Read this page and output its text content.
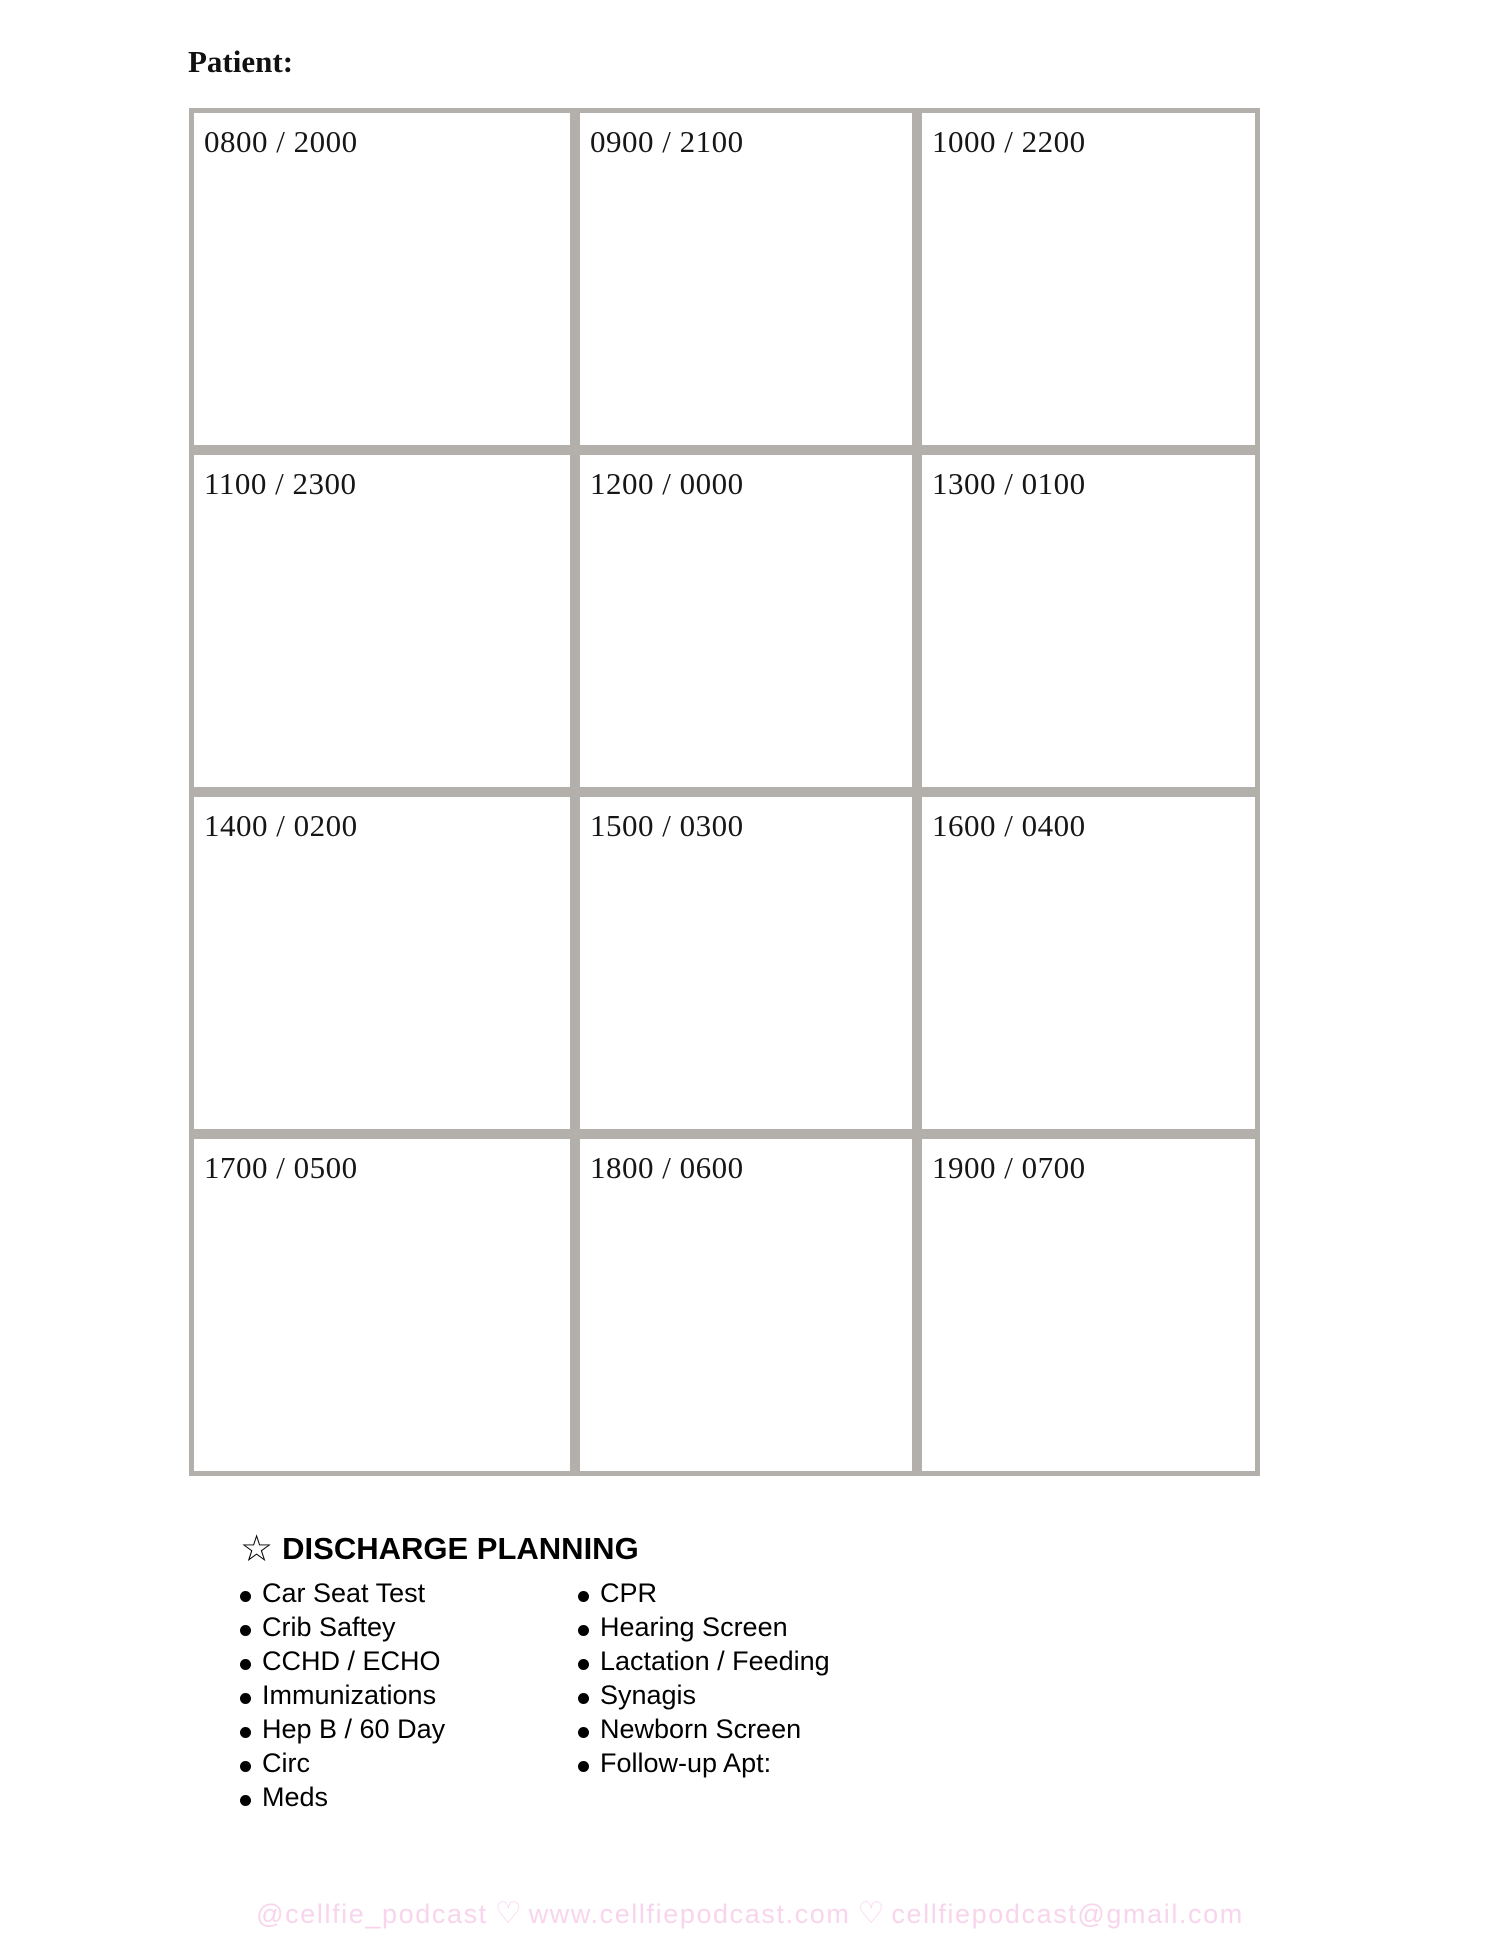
Patient:
0800 / 2000	0900 / 2100	1000 / 2200
1100 / 2300	1200 / 0000	1300 / 0100
1400 / 0200	1500 / 0300	1600 / 0400
1700 / 0500	1800 / 0600	1900 / 0700
☆ DISCHARGE PLANNING
Car Seat Test
Crib Saftey
CCHD / ECHO
Immunizations
Hep B / 60 Day
Circ
Meds
CPR
Hearing Screen
Lactation / Feeding
Synagis
Newborn Screen
Follow-up Apt:
@cellfie_podcast ♡ www.cellfiepodcast.com ♡ cellfiepodcast@gmail.com
